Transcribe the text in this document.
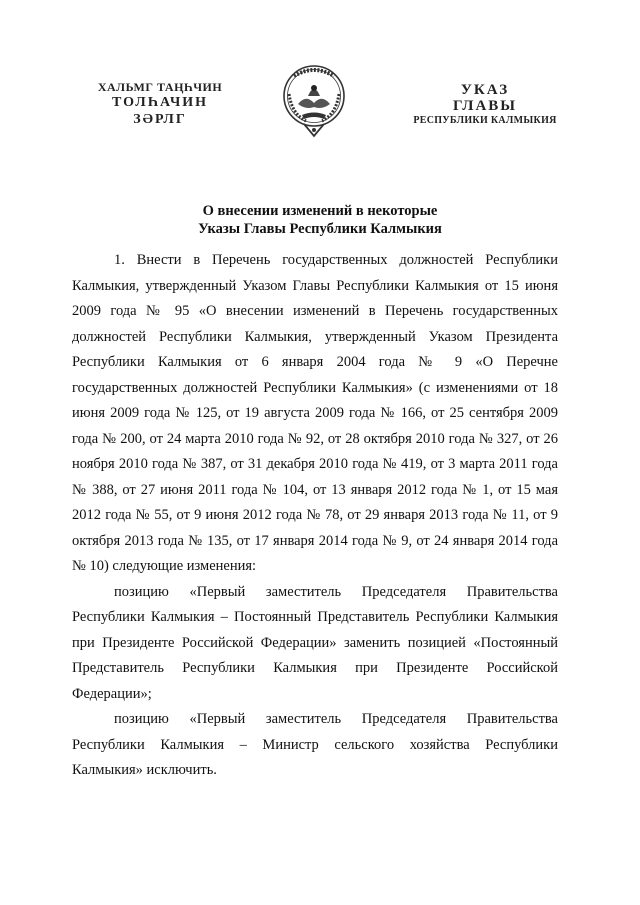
ХАЛЬМГ ТАҢҺЧИН
ТОЛҺАЧИН
ЗӘРЛГ
УКАЗ
ГЛАВЫ
РЕСПУБЛИКИ КАЛМЫКИЯ
О внесении изменений в некоторые
Указы Главы Республики Калмыкия

1. Внести в Перечень государственных должностей Республики Калмыкия, утвержденный Указом Главы Республики Калмыкия от 15 июня 2009 года № 95 «О внесении изменений в Перечень государственных должностей Республики Калмыкия, утвержденный Указом Президента Республики Калмыкия от 6 января 2004 года № 9 «О Перечне государственных должностей Республики Калмыкия» (с изменениями от 18 июня 2009 года № 125, от 19 августа 2009 года № 166, от 25 сентября 2009 года № 200, от 24 марта 2010 года № 92, от 28 октября 2010 года № 327, от 26 ноября 2010 года № 387, от 31 декабря 2010 года № 419, от 3 марта 2011 года № 388, от 27 июня 2011 года № 104, от 13 января 2012 года № 1, от 15 мая 2012 года № 55, от 9 июня 2012 года № 78, от 29 января 2013 года № 11, от 9 октября 2013 года № 135, от 17 января 2014 года № 9, от 24 января 2014 года № 10) следующие изменения:

позицию «Первый заместитель Председателя Правительства Республики Калмыкия – Постоянный Представитель Республики Калмыкия при Президенте Российской Федерации» заменить позицией «Постоянный Представитель Республики Калмыкия при Президенте Российской Федерации»;

позицию «Первый заместитель Председателя Правительства Республики Калмыкия – Министр сельского хозяйства Республики Калмыкия» исключить.
